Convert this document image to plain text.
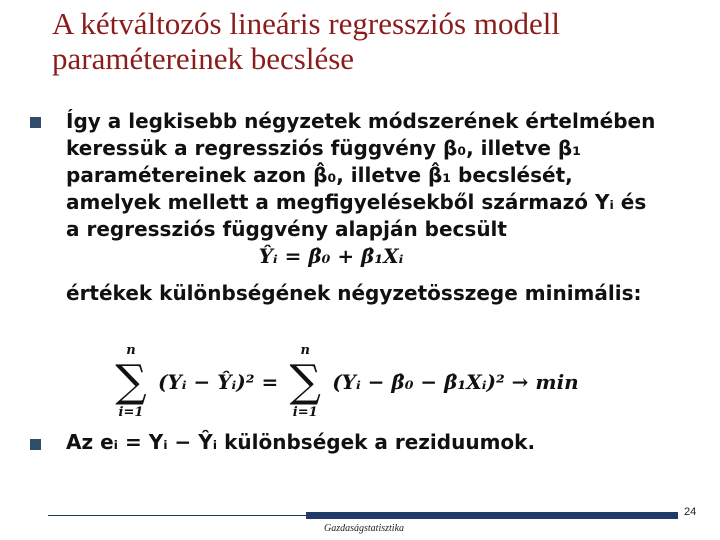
A kétváltozós lineáris regressziós modell
paramétereinek becslése
Így a legkisebb négyzetek módszerének értelmében
keressük a regressziós függvény β₀, illetve β₁
paramétereinek azon β̂₀, illetve β̂₁ becslését,
amelyek mellett a megfigyelésekből származó Yᵢ és
a regressziós függvény alapján becsült
Ŷᵢ = β̂₀ + β̂₁Xᵢ
értékek különbségének négyzetösszege minimális:
n
∑
i=1
(Yᵢ − Ŷᵢ)² =
n
∑
i=1
(Yᵢ − β̂₀ − β̂₁Xᵢ)² → min
Az eᵢ = Yᵢ − Ŷᵢ különbségek a reziduumok.
24
Gazdaságstatisztika
